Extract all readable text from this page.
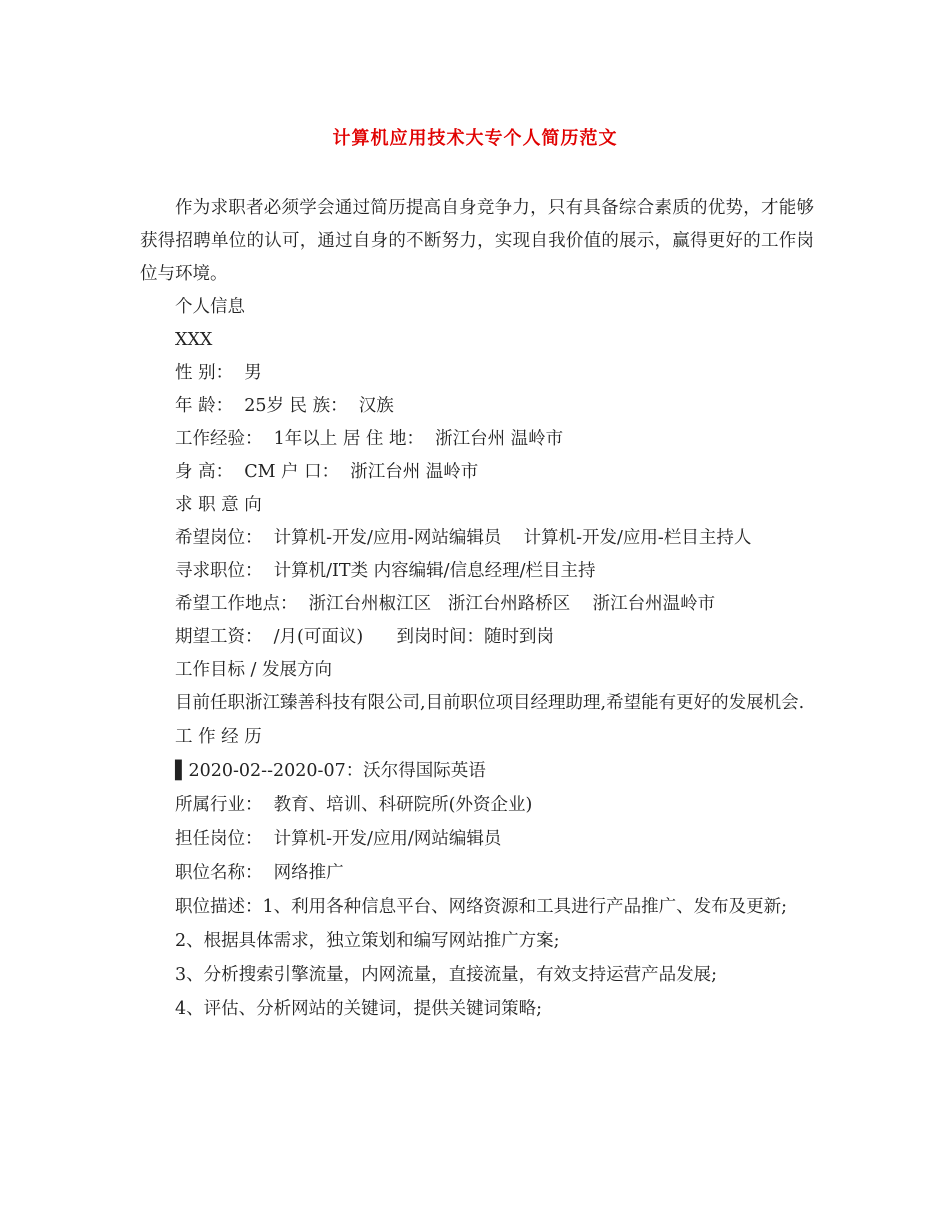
计算机应用技术大专个人简历范文

作为求职者必须学会通过简历提高自身竞争力，只有具备综合素质的优势，才能够获得招聘单位的认可，通过自身的不断努力，实现自我价值的展示，赢得更好的工作岗位与环境。

个人信息

XXX

性 别：  男

年 龄：  25岁 民 族：  汉族

工作经验：  1年以上 居 住 地：  浙江台州 温岭市

身 高：  CM 户 口：  浙江台州 温岭市

求 职 意 向

希望岗位：  计算机-开发/应用-网站编辑员    计算机-开发/应用-栏目主持人

寻求职位：  计算机/IT类 内容编辑/信息经理/栏目主持

希望工作地点：  浙江台州椒江区   浙江台州路桥区    浙江台州温岭市

期望工资：  /月(可面议)      到岗时间：随时到岗

工作目标 / 发展方向

目前任职浙江臻善科技有限公司,目前职位项目经理助理,希望能有更好的发展机会.

工 作 经 历

▌2020-02--2020-07：沃尔得国际英语

所属行业：  教育、培训、科研院所(外资企业)

担任岗位：  计算机-开发/应用/网站编辑员

职位名称：  网络推广

职位描述：1、利用各种信息平台、网络资源和工具进行产品推广、发布及更新;

2、根据具体需求，独立策划和编写网站推广方案;

3、分析搜索引擎流量，内网流量，直接流量，有效支持运营产品发展;

4、评估、分析网站的关键词，提供关键词策略;
